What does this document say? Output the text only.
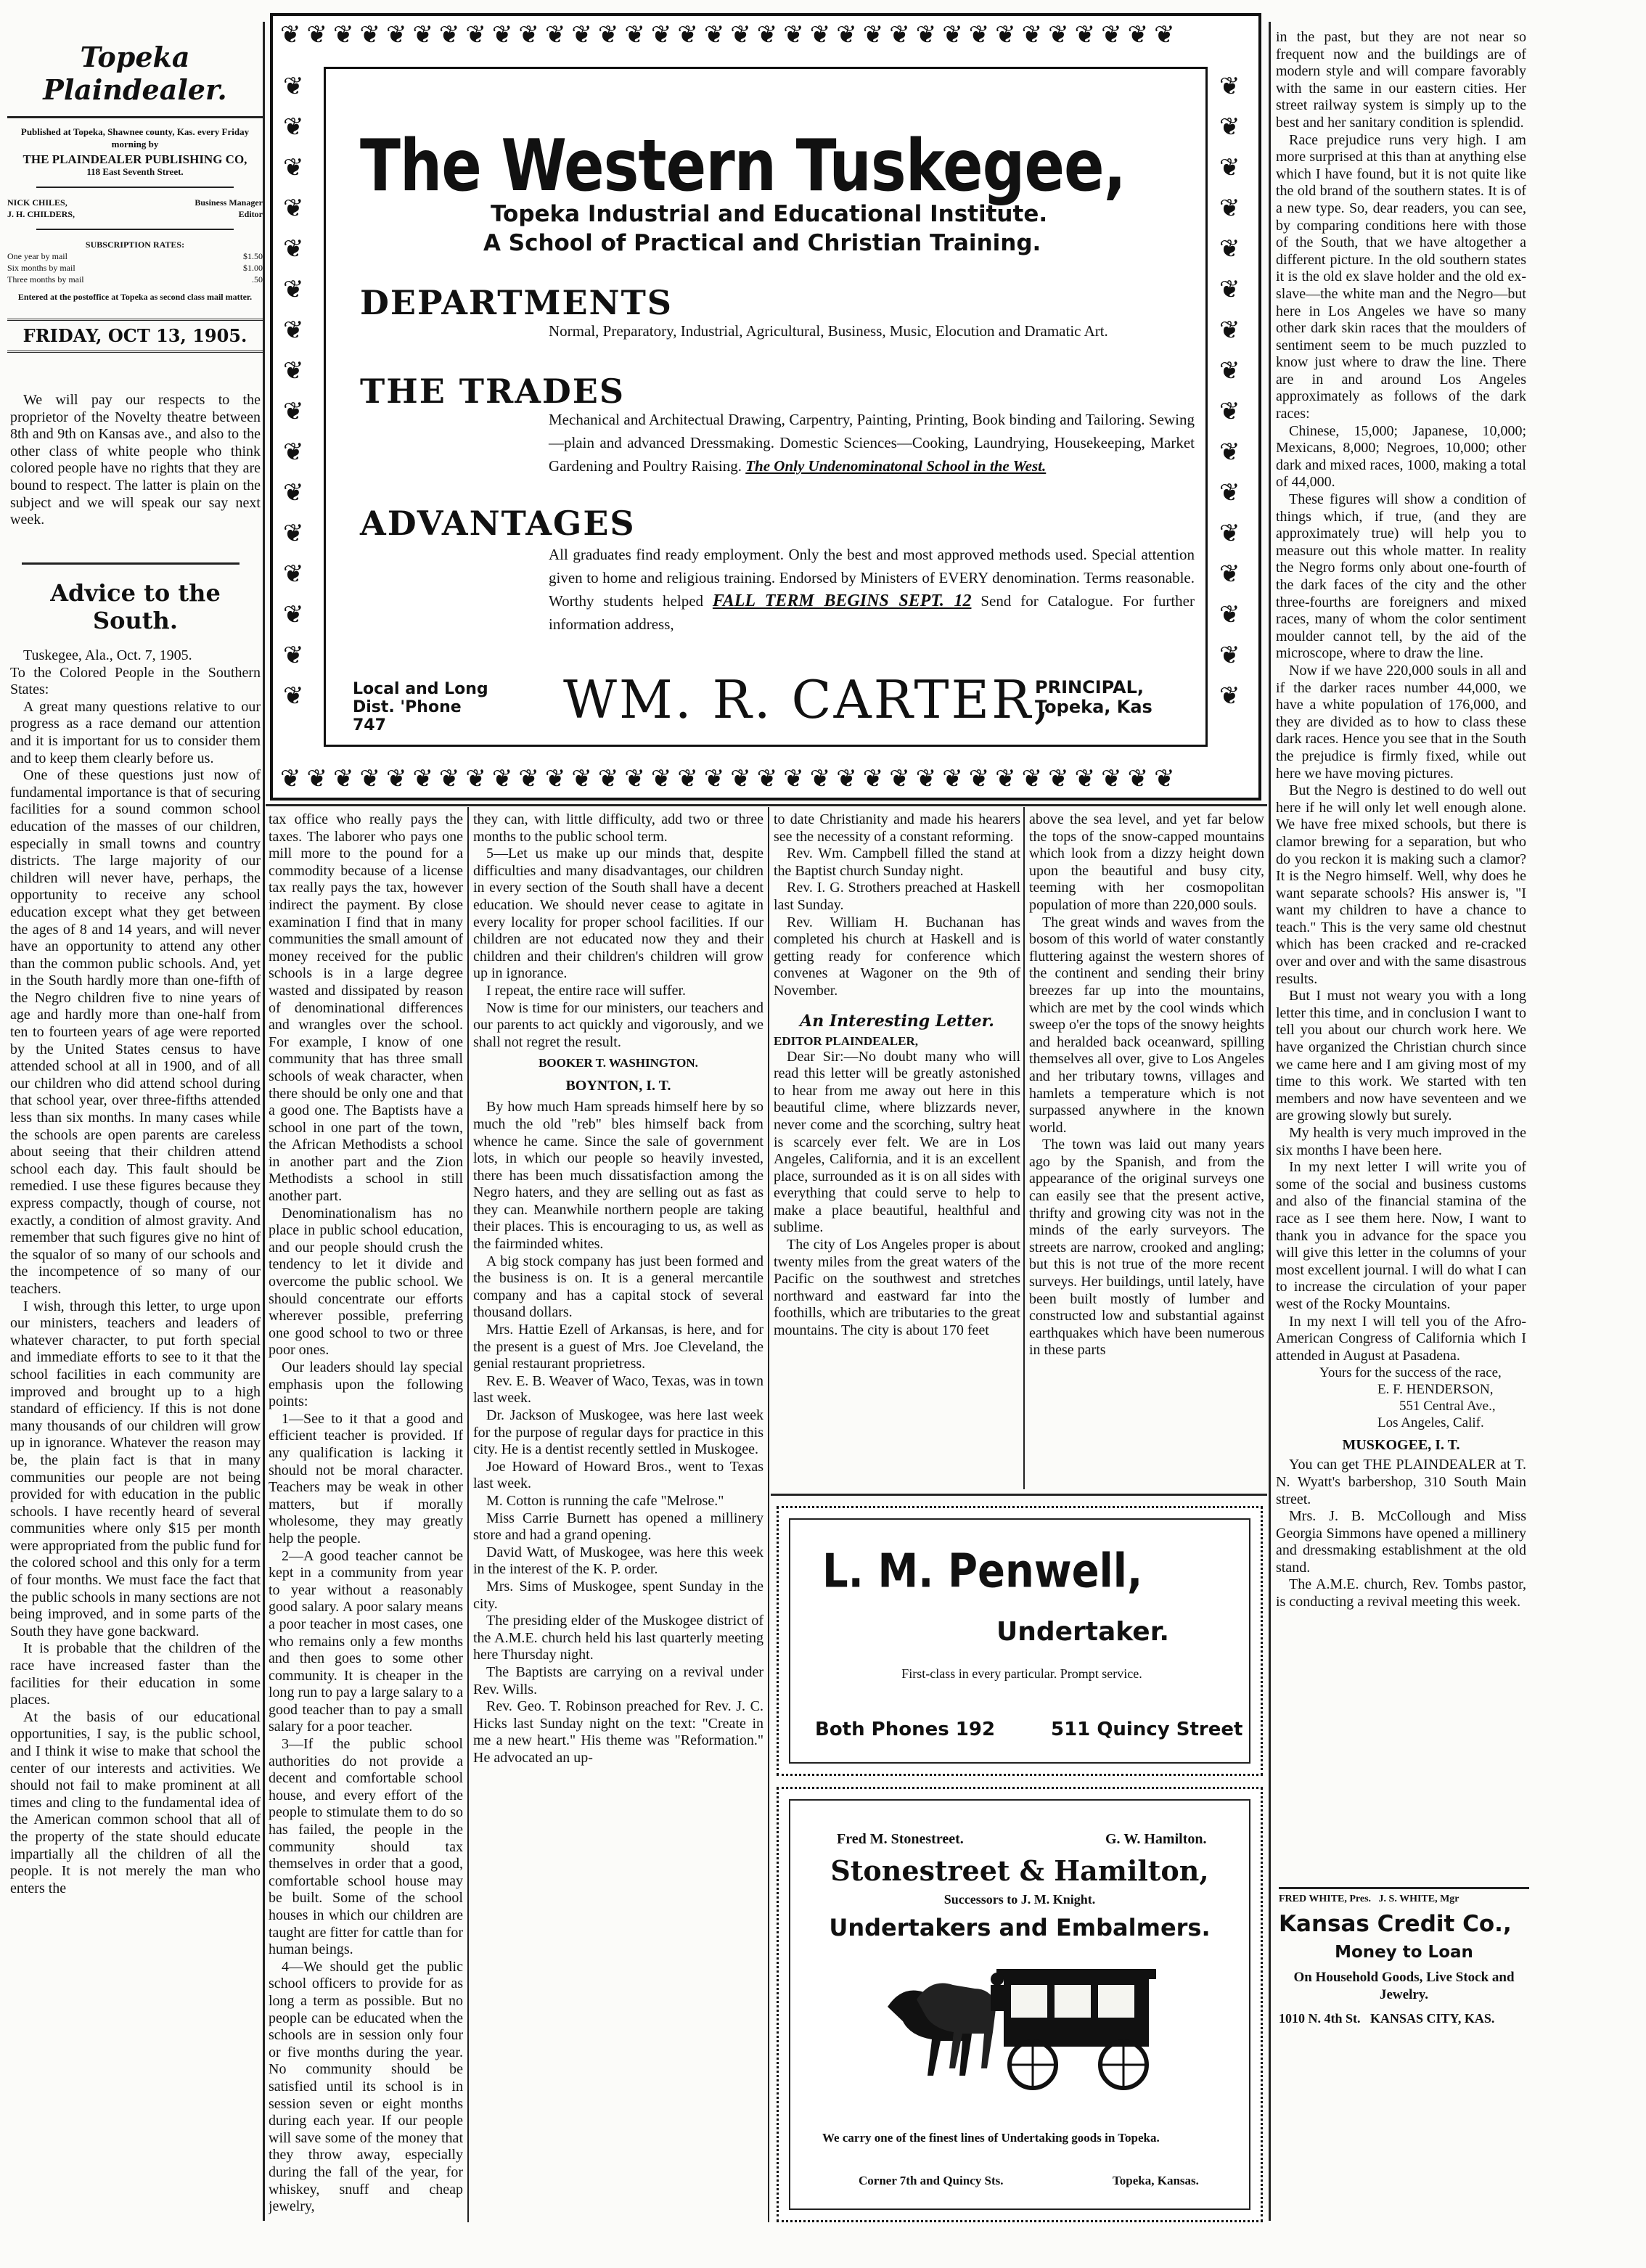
Topeka Plaindealer.
Published at Topeka, Shawnee county, Kas. every Friday morning by
THE PLAINDEALER PUBLISHING CO,
118 East Seventh Street.
NICK CHILES,	Business Manager
J. H. CHILDERS,	Editor
SUBSCRIPTION RATES:
One year by mail	$1.50
Six months by mail	$1.00
Three months by mail	.50
Entered at the postoffice at Topeka as second class mail matter.
FRIDAY, OCT 13, 1905.

We will pay our respects to the proprietor of the Novelty theatre between 8th and 9th on Kansas ave., and also to the other class of white people who think colored people have no rights that they are bound to respect. The latter is plain on the subject and we will speak our say next week.

Advice to the South.

Tuskegee, Ala., Oct. 7, 1905.

To the Colored People in the Southern States:

A great many questions relative to our progress as a race demand our attention and it is important for us to consider them and to keep them clearly before us.

One of these questions just now of fundamental importance is that of securing facilities for a sound common school education of the masses of our children, especially in small towns and country districts. The large majority of our children will never have, perhaps, the opportunity to receive any school education except what they get between the ages of 8 and 14 years, and will never have an opportunity to attend any other than the common public schools. And, yet in the South hardly more than one-fifth of the Negro children five to nine years of age and hardly more than one-half from ten to fourteen years of age were reported by the United States census to have attended school at all in 1900, and of all our children who did attend school during that school year, over three-fifths attended less than six months. In many cases while the schools are open parents are careless about seeing that their children attend school each day. This fault should be remedied. I use these figures because they express compactly, though of course, not exactly, a condition of almost gravity. And remember that such figures give no hint of the squalor of so many of our schools and the incompetence of so many of our teachers.

I wish, through this letter, to urge upon our ministers, teachers and leaders of whatever character, to put forth special and immediate efforts to see to it that the school facilities in each community are improved and brought up to a high standard of efficiency. If this is not done many thousands of our children will grow up in ignorance. Whatever the reason may be, the plain fact is that in many communities our people are not being provided for with education in the public schools. I have recently heard of several communities where only $15 per month were appropriated from the public fund for the colored school and this only for a term of four months. We must face the fact that the public schools in many sections are not being improved, and in some parts of the South they have gone backward.

It is probable that the children of the race have increased faster than the facilities for their education in some places.

At the basis of our educational opportunities, I say, is the public school, and I think it wise to make that school the center of our interests and activities. We should not fail to make prominent at all times and cling to the fundamental idea of the American common school that all of the property of the state should educate impartially all the children of all the people. It is not merely the man who enters the

❦❦❦❦❦❦❦❦❦❦❦❦❦❦❦❦❦❦❦❦❦❦❦❦❦❦❦❦❦❦❦❦❦❦
❦❦❦❦❦❦❦❦❦❦❦❦❦❦❦❦❦❦❦❦❦❦❦❦❦❦❦❦❦❦❦❦❦❦
❦ ❦ ❦ ❦ ❦ ❦ ❦ ❦ ❦ ❦ ❦ ❦ ❦ ❦ ❦ ❦
❦ ❦ ❦ ❦ ❦ ❦ ❦ ❦ ❦ ❦ ❦ ❦ ❦ ❦ ❦ ❦
The Western Tuskegee,
Topeka Industrial and Educational Institute.
A School of Practical and Christian Training.
DEPARTMENTS
Normal, Preparatory, Industrial, Agricultural, Business, Music, Elocution and Dramatic Art.
THE TRADES
Mechanical and Architectual Drawing, Carpentry, Painting, Printing, Book binding and Tailoring. Sewing—plain and advanced Dressmaking. Domestic Sciences—Cooking, Laundrying, Housekeeping, Market Gardening and Poultry Raising. The Only Undenominatonal School in the West.
ADVANTAGES
All graduates find ready employment. Only the best and most approved methods used. Special attention given to home and religious training. Endorsed by Ministers of EVERY denomination. Terms reasonable. Worthy students helped FALL TERM BEGINS SEPT. 12 Send for Catalogue. For further information address,
Local and Long Dist. 'Phone 747	WM. R. CARTER,
PRINCIPAL, Topeka, Kas

tax office who really pays the taxes. The laborer who pays one mill more to the pound for a commodity because of a license tax really pays the tax, however indirect the payment. By close examination I find that in many communities the small amount of money received for the public schools is in a large degree wasted and dissipated by reason of denominational differences and wrangles over the school. For example, I know of one community that has three small schools of weak character, when there should be only one and that a good one. The Baptists have a school in one part of the town, the African Methodists a school in another part and the Zion Methodists a school in still another part.

Denominationalism has no place in public school education, and our people should crush the tendency to let it divide and overcome the public school. We should concentrate our efforts wherever possible, preferring one good school to two or three poor ones.

Our leaders should lay special emphasis upon the following points:

1—See to it that a good and efficient teacher is provided. If any qualification is lacking it should not be moral character. Teachers may be weak in other matters, but if morally wholesome, they may greatly help the people.

2—A good teacher cannot be kept in a community from year to year without a reasonably good salary. A poor salary means a poor teacher in most cases, one who remains only a few months and then goes to some other community. It is cheaper in the long run to pay a large salary to a good teacher than to pay a small salary for a poor teacher.

3—If the public school authorities do not provide a decent and comfortable school house, and every effort of the people to stimulate them to do so has failed, the people in the community should tax themselves in order that a good, comfortable school house may be built. Some of the school houses in which our children are taught are fitter for cattle than for human beings.

4—We should get the public school officers to provide for as long a term as possible. But no people can be educated when the schools are in session only four or five months during the year. No community should be satisfied until its school is in session seven or eight months during each year. If our people will save some of the money that they throw away, especially during the fall of the year, for whiskey, snuff and cheap jewelry,

they can, with little difficulty, add two or three months to the public school term.

5—Let us make up our minds that, despite difficulties and many disadvantages, our children in every section of the South shall have a decent education. We should never cease to agitate in every locality for proper school facilities. If our children are not educated now they and their children and their children's children will grow up in ignorance.

I repeat, the entire race will suffer.

Now is time for our ministers, our teachers and our parents to act quickly and vigorously, and we shall not regret the result.

BOOKER T. WASHINGTON.
BOYNTON, I. T.

By how much Ham spreads himself here by so much the old "reb" bles himself back from whence he came. Since the sale of government lots, in which our people so heavily invested, there has been much dissatisfaction among the Negro haters, and they are selling out as fast as they can. Meanwhile northern people are taking their places. This is encouraging to us, as well as the fairminded whites.

A big stock company has just been formed and the business is on. It is a general mercantile company and has a capital stock of several thousand dollars.

Mrs. Hattie Ezell of Arkansas, is here, and for the present is a guest of Mrs. Joe Cleveland, the genial restaurant proprietress.

Rev. E. B. Weaver of Waco, Texas, was in town last week.

Dr. Jackson of Muskogee, was here last week for the purpose of regular days for practice in this city. He is a dentist recently settled in Muskogee.

Joe Howard of Howard Bros., went to Texas last week.

M. Cotton is running the cafe "Melrose."

Miss Carrie Burnett has opened a millinery store and had a grand opening.

David Watt, of Muskogee, was here this week in the interest of the K. P. order.

Mrs. Sims of Muskogee, spent Sunday in the city.

The presiding elder of the Muskogee district of the A.M.E. church held his last quarterly meeting here Thursday night.

The Baptists are carrying on a revival under Rev. Wills.

Rev. Geo. T. Robinson preached for Rev. J. C. Hicks last Sunday night on the text: "Create in me a new heart." His theme was "Reformation." He advocated an up-

to date Christianity and made his hearers see the necessity of a constant reforming.

Rev. Wm. Campbell filled the stand at the Baptist church Sunday night.

Rev. I. G. Strothers preached at Haskell last Sunday.

Rev. William H. Buchanan has completed his church at Haskell and is getting ready for conference which convenes at Wagoner on the 9th of November.

An Interesting Letter.
EDITOR PLAINDEALER,

Dear Sir:—No doubt many who will read this letter will be greatly astonished to hear from me away out here in this beautiful clime, where blizzards never, never come and the scorching, sultry heat is scarcely ever felt. We are in Los Angeles, California, and it is an excellent place, surrounded as it is on all sides with everything that could serve to help to make a place beautiful, healthful and sublime.

The city of Los Angeles proper is about twenty miles from the great waters of the Pacific on the southwest and stretches northward and eastward far into the foothills, which are tributaries to the great mountains. The city is about 170 feet

above the sea level, and yet far below the tops of the snow-capped mountains which look from a dizzy height down upon the beautiful and busy city, teeming with her cosmopolitan population of more than 220,000 souls.

The great winds and waves from the bosom of this world of water constantly fluttering against the western shores of the continent and sending their briny breezes far up into the mountains, which are met by the cool winds which sweep o'er the tops of the snowy heights and heralded back oceanward, spilling themselves all over, give to Los Angeles and her tributary towns, villages and hamlets a temperature which is not surpassed anywhere in the known world.

The town was laid out many years ago by the Spanish, and from the appearance of the original surveys one can easily see that the present active, thrifty and growing city was not in the minds of the early surveyors. The streets are narrow, crooked and angling; but this is not true of the more recent surveys. Her buildings, until lately, have been built mostly of lumber and constructed low and substantial against earthquakes which have been numerous in these parts

L. M. Penwell,
Undertaker.
First-class in every particular. Prompt service.
Both Phones 192	511 Quincy Street
Fred M. Stonestreet.	G. W. Hamilton.
Stonestreet & Hamilton,
Successors to J. M. Knight.
Undertakers and Embalmers.
We carry one of the finest lines of Undertaking goods in Topeka.
Corner 7th and Quincy Sts.	Topeka, Kansas.

in the past, but they are not near so frequent now and the buildings are of modern style and will compare favorably with the same in our eastern cities. Her street railway system is simply up to the best and her sanitary condition is splendid.

Race prejudice runs very high. I am more surprised at this than at anything else which I have found, but it is not quite like the old brand of the southern states. It is of a new type. So, dear readers, you can see, by comparing conditions here with those of the South, that we have altogether a different picture. In the old southern states it is the old ex slave holder and the old ex-slave—the white man and the Negro—but here in Los Angeles we have so many other dark skin races that the moulders of sentiment seem to be much puzzled to know just where to draw the line. There are in and around Los Angeles approximately as follows of the dark races:

Chinese, 15,000; Japanese, 10,000; Mexicans, 8,000; Negroes, 10,000; other dark and mixed races, 1000, making a total of 44,000.

These figures will show a condition of things which, if true, (and they are approximately true) will help you to measure out this whole matter. In reality the Negro forms only about one-fourth of the dark faces of the city and the other three-fourths are foreigners and mixed races, many of whom the color sentiment moulder cannot tell, by the aid of the microscope, where to draw the line.

Now if we have 220,000 souls in all and if the darker races number 44,000, we have a white population of 176,000, and they are divided as to how to class these dark races. Hence you see that in the South the prejudice is firmly fixed, while out here we have moving pictures.

But the Negro is destined to do well out here if he will only let well enough alone. We have free mixed schools, but there is clamor brewing for a separation, but who do you reckon it is making such a clamor? It is the Negro himself. Well, why does he want separate schools? His answer is, "I want my children to have a chance to teach." This is the very same old chestnut which has been cracked and re-cracked over and over and with the same disastrous results.

But I must not weary you with a long letter this time, and in conclusion I want to tell you about our church work here. We have organized the Christian church since we came here and I am giving most of my time to this work. We started with ten members and now have seventeen and we are growing slowly but surely.

My health is very much improved in the six months I have been here.

In my next letter I will write you of some of the social and business customs and also of the financial stamina of the race as I see them here. Now, I want to thank you in advance for the space you will give this letter in the columns of your most excellent journal. I will do what I can to increase the circulation of your paper west of the Rocky Mountains.

In my next I will tell you of the Afro-American Congress of California which I attended in August at Pasadena.

Yours for the success of the race,
E. F. HENDERSON,
551 Central Ave.,
Los Angeles, Calif.
MUSKOGEE, I. T.

You can get THE PLAINDEALER at T. N. Wyatt's barbershop, 310 South Main street.

Mrs. J. B. McCollough and Miss Georgia Simmons have opened a millinery and dressmaking establishment at the old stand.

The A.M.E. church, Rev. Tombs pastor, is conducting a revival meeting this week.

FRED WHITE, Pres.   J. S. WHITE, Mgr
Kansas Credit Co.,
Money to Loan
On Household Goods, Live Stock and Jewelry.
1010 N. 4th St.   KANSAS CITY, KAS.
